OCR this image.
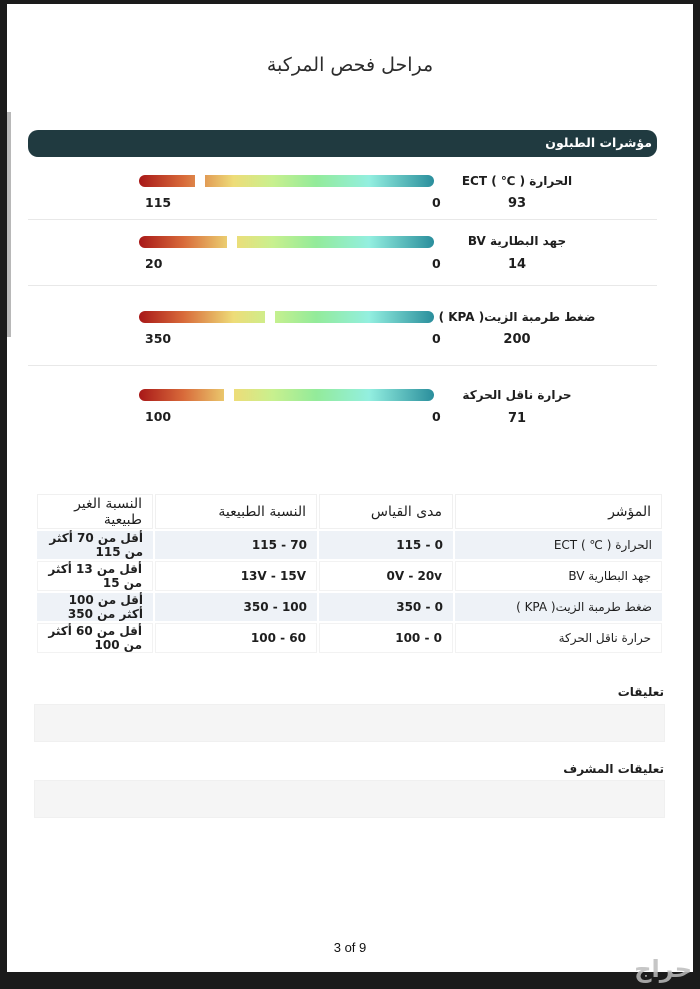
مراحل فحص المركبة
مؤشرات الطبلون
الحرارة ( ℃ ) ECT
93
115	0
جهد البطارية BV
14
20	0
ضغط طرمبة الزيت( KPA )
200
350	0
حرارة ناقل الحركة
71
100	0
المؤشر	مدى القياس	النسبة الطبيعية	النسبة الغير طبيعية
الحرارة ( ℃ ) ECT	0 - 115	70 - 115	أقل من 70 أكثر من 115
جهد البطارية BV	0V - 20v	13V - 15V	أقل من 13 أكثر من 15
ضغط طرمبة الزيت( KPA )	0 - 350	100 - 350	أقل من 100 أكثر من 350
حرارة ناقل الحركة	0 - 100	60 - 100	أقل من 60 أكثر من 100
تعليقات
تعليقات المشرف
3 of 9
حراج
